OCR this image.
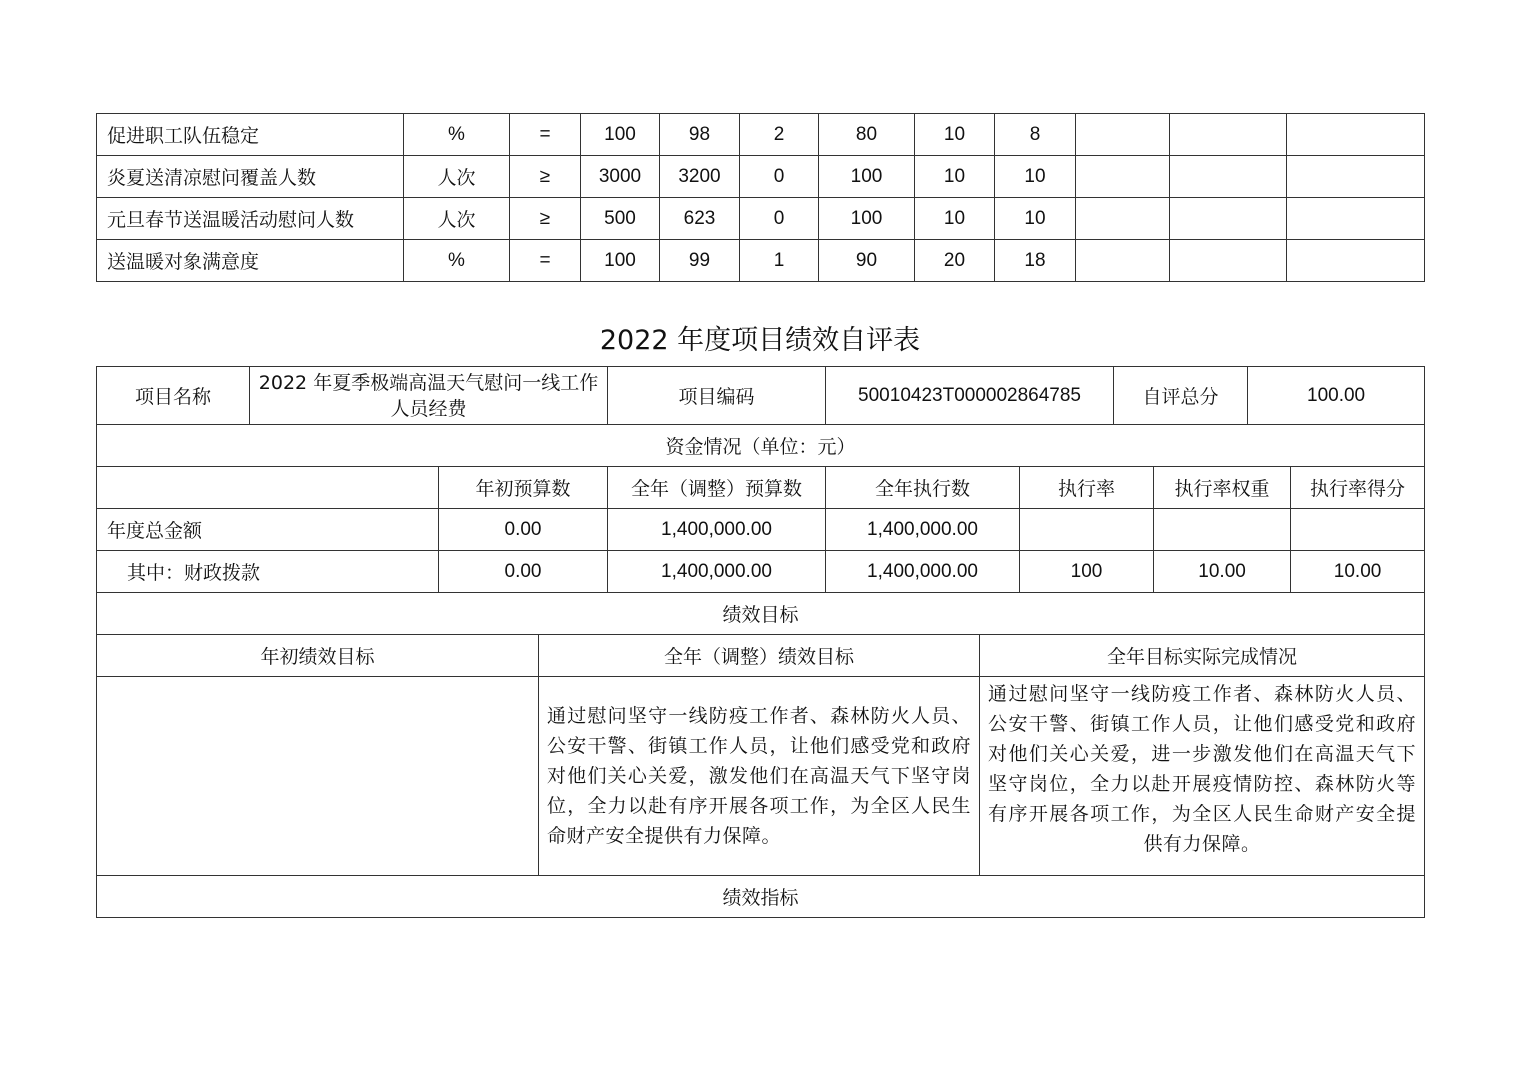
促进职工队伍稳定	%	=	100	98	2	80	10	8			
炎夏送清凉慰问覆盖人数	人次	≥	3000	3200	0	100	10	10			
元旦春节送温暖活动慰问人数	人次	≥	500	623	0	100	10	10			
送温暖对象满意度	%	=	100	99	1	90	20	18			
2022 年度项目绩效自评表
项目名称	2022 年夏季极端高温天气慰问一线工作人员经费			项目编码	50010423T000002864785			自评总分		100.00	
资金情况（单位：元）											
		年初预算数		全年（调整）预算数	全年执行数		执行率		执行率权重		执行率得分
年度总金额		0.00		1,400,000.00	1,400,000.00						
其中：财政拨款		0.00		1,400,000.00	1,400,000.00		100		10.00		10.00
绩效目标											
年初绩效目标			全年（调整）绩效目标			全年目标实际完成情况					
			通过慰问坚守一线防疫工作者、森林防火人员、公安干警、街镇工作人员，让他们感受党和政府对他们关心关爱，激发他们在高温天气下坚守岗位，全力以赴有序开展各项工作，为全区人民生命财产安全提供有力保障。			通过慰问坚守一线防疫工作者、森林防火人员、公安干警、街镇工作人员，让他们感受党和政府对他们关心关爱，进一步激发他们在高温天气下坚守岗位，全力以赴开展疫情防控、森林防火等有序开展各项工作，为全区人民生命财产安全提供有力保障。					
绩效指标											
